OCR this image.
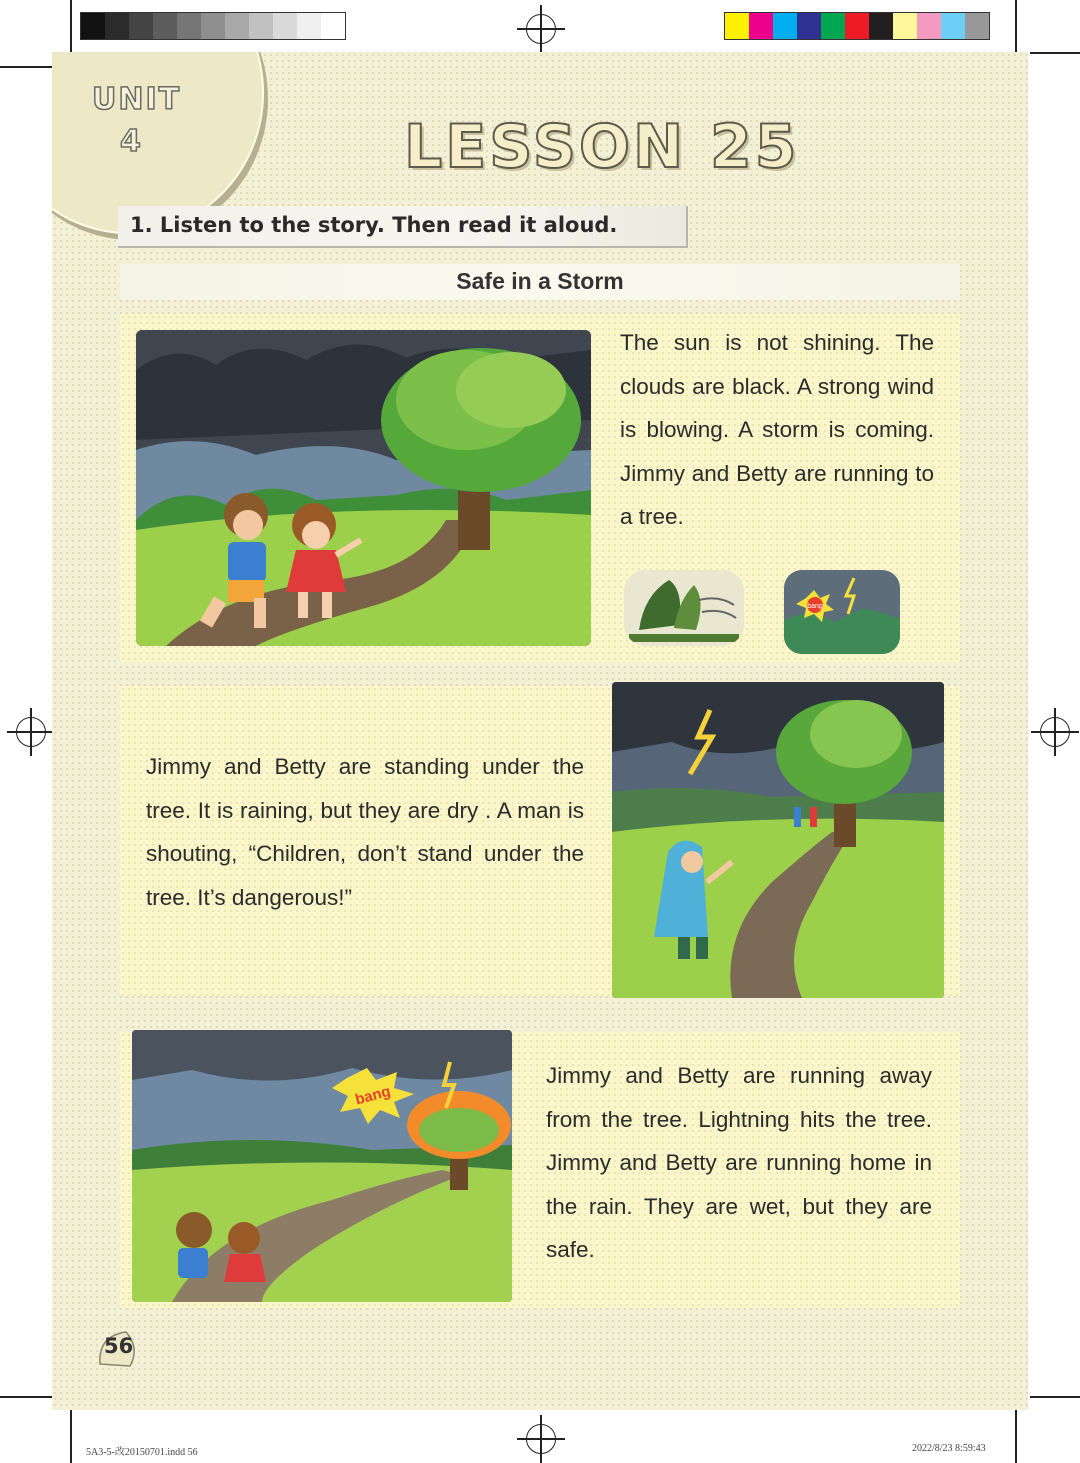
UNIT
4	LESSON 25
1. Listen to the story. Then read it aloud.
Safe in a Storm
The sun is not shining. The clouds are black. A strong wind is blowing. A storm is coming. Jimmy and Betty are running to a tree.
bang
Jimmy and Betty are standing under the tree. It is raining, but they are dry . A man is shouting, “Children, don’t stand under the tree. It’s dangerous!”
bang
Jimmy and Betty are running away from the tree. Lightning hits the tree. Jimmy and Betty are running home in the rain. They are wet, but they are safe.
56
5A3-5-改20150701.indd 56	2022/8/23 8:59:43
